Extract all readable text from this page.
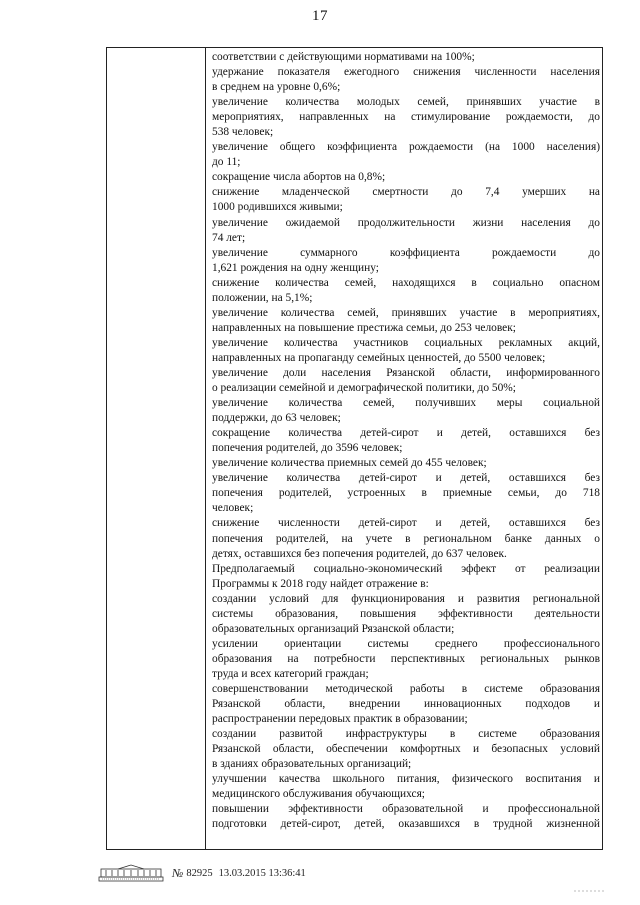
17
соответствии с действующими нормативами на 100%;
удержание показателя ежегодного снижения численности населения
в среднем на уровне 0,6%;
увеличение количества молодых семей, принявших участие в
мероприятиях, направленных на стимулирование рождаемости, до
538 человек;
увеличение общего коэффициента рождаемости (на 1000 населения)
до 11;
сокращение числа абортов на 0,8%;
снижение младенческой смертности до 7,4 умерших на
1000 родившихся живыми;
увеличение ожидаемой продолжительности жизни населения до
74 лет;
увеличение суммарного коэффициента рождаемости до
1,621 рождения на одну женщину;
снижение количества семей, находящихся в социально опасном
положении, на 5,1%;
увеличение количества семей, принявших участие в мероприятиях,
направленных на повышение престижа семьи, до 253 человек;
увеличение количества участников социальных рекламных акций,
направленных на пропаганду семейных ценностей, до 5500 человек;
увеличение доли населения Рязанской области, информированного
о реализации семейной и демографической политики, до 50%;
увеличение количества семей, получивших меры социальной
поддержки, до 63 человек;
сокращение количества детей-сирот и детей, оставшихся без
попечения родителей, до 3596 человек;
увеличение количества приемных семей до 455 человек;
увеличение количества детей-сирот и детей, оставшихся без
попечения родителей, устроенных в приемные семьи, до 718
человек;
снижение численности детей-сирот и детей, оставшихся без
попечения родителей, на учете в региональном банке данных о
детях, оставшихся без попечения родителей, до 637 человек.
Предполагаемый социально-экономический эффект от реализации
Программы к 2018 году найдет отражение в:
создании условий для функционирования и развития региональной
системы образования, повышения эффективности деятельности
образовательных организаций Рязанской области;
усилении ориентации системы среднего профессионального
образования на потребности перспективных региональных рынков
труда и всех категорий граждан;
совершенствовании методической работы в системе образования
Рязанской области, внедрении инновационных подходов и
распространении передовых практик в образовании;
создании развитой инфраструктуры в системе образования
Рязанской области, обеспечении комфортных и безопасных условий
в зданиях образовательных организаций;
улучшении качества школьного питания, физического воспитания и
медицинского обслуживания обучающихся;
повышении эффективности образовательной и профессиональной
подготовки детей-сирот, детей, оказавшихся в трудной жизненной
№ 82925 13.03.2015 13:36:41
